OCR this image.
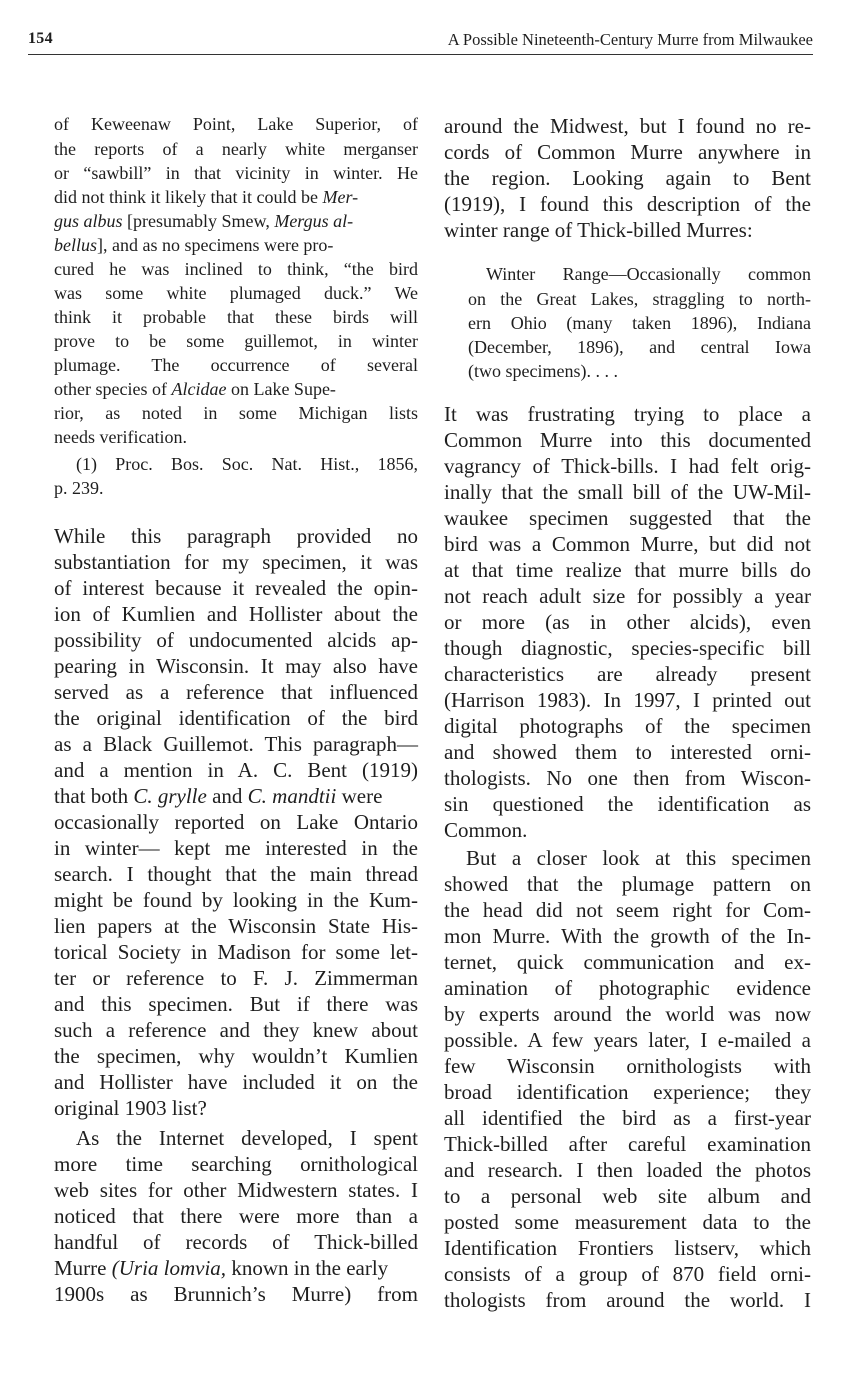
154	A Possible Nineteenth-Century Murre from Milwaukee
of Keweenaw Point, Lake Superior, of
the reports of a nearly white merganser
or “sawbill” in that vicinity in winter. He
did not think it likely that it could be Mer-
gus albus [presumably Smew, Mergus al-
bellus], and as no specimens were pro-
cured he was inclined to think, “the bird
was some white plumaged duck.” We
think it probable that these birds will
prove to be some guillemot, in winter
plumage. The occurrence of several
other species of Alcidae on Lake Supe-
rior, as noted in some Michigan lists
needs verification.
(1) Proc. Bos. Soc. Nat. Hist., 1856,
p. 239.
While this paragraph provided no
substantiation for my specimen, it was
of interest because it revealed the opin-
ion of Kumlien and Hollister about the
possibility of undocumented alcids ap-
pearing in Wisconsin. It may also have
served as a reference that influenced
the original identification of the bird
as a Black Guillemot. This paragraph—
and a mention in A. C. Bent (1919)
that both C. grylle and C. mandtii were
occasionally reported on Lake Ontario
in winter— kept me interested in the
search. I thought that the main thread
might be found by looking in the Kum-
lien papers at the Wisconsin State His-
torical Society in Madison for some let-
ter or reference to F. J. Zimmerman
and this specimen. But if there was
such a reference and they knew about
the specimen, why wouldn’t Kumlien
and Hollister have included it on the
original 1903 list?
As the Internet developed, I spent
more time searching ornithological
web sites for other Midwestern states. I
noticed that there were more than a
handful of records of Thick-billed
Murre (Uria lomvia, known in the early
1900s as Brunnich’s Murre) from
around the Midwest, but I found no re-
cords of Common Murre anywhere in
the region. Looking again to Bent
(1919), I found this description of the
winter range of Thick-billed Murres:
Winter Range—Occasionally common
on the Great Lakes, straggling to north-
ern Ohio (many taken 1896), Indiana
(December, 1896), and central Iowa
(two specimens). . . .
It was frustrating trying to place a
Common Murre into this documented
vagrancy of Thick-bills. I had felt orig-
inally that the small bill of the UW-Mil-
waukee specimen suggested that the
bird was a Common Murre, but did not
at that time realize that murre bills do
not reach adult size for possibly a year
or more (as in other alcids), even
though diagnostic, species-specific bill
characteristics are already present
(Harrison 1983). In 1997, I printed out
digital photographs of the specimen
and showed them to interested orni-
thologists. No one then from Wiscon-
sin questioned the identification as
Common.
But a closer look at this specimen
showed that the plumage pattern on
the head did not seem right for Com-
mon Murre. With the growth of the In-
ternet, quick communication and ex-
amination of photographic evidence
by experts around the world was now
possible. A few years later, I e-mailed a
few Wisconsin ornithologists with
broad identification experience; they
all identified the bird as a first-year
Thick-billed after careful examination
and research. I then loaded the photos
to a personal web site album and
posted some measurement data to the
Identification Frontiers listserv, which
consists of a group of 870 field orni-
thologists from around the world. I
